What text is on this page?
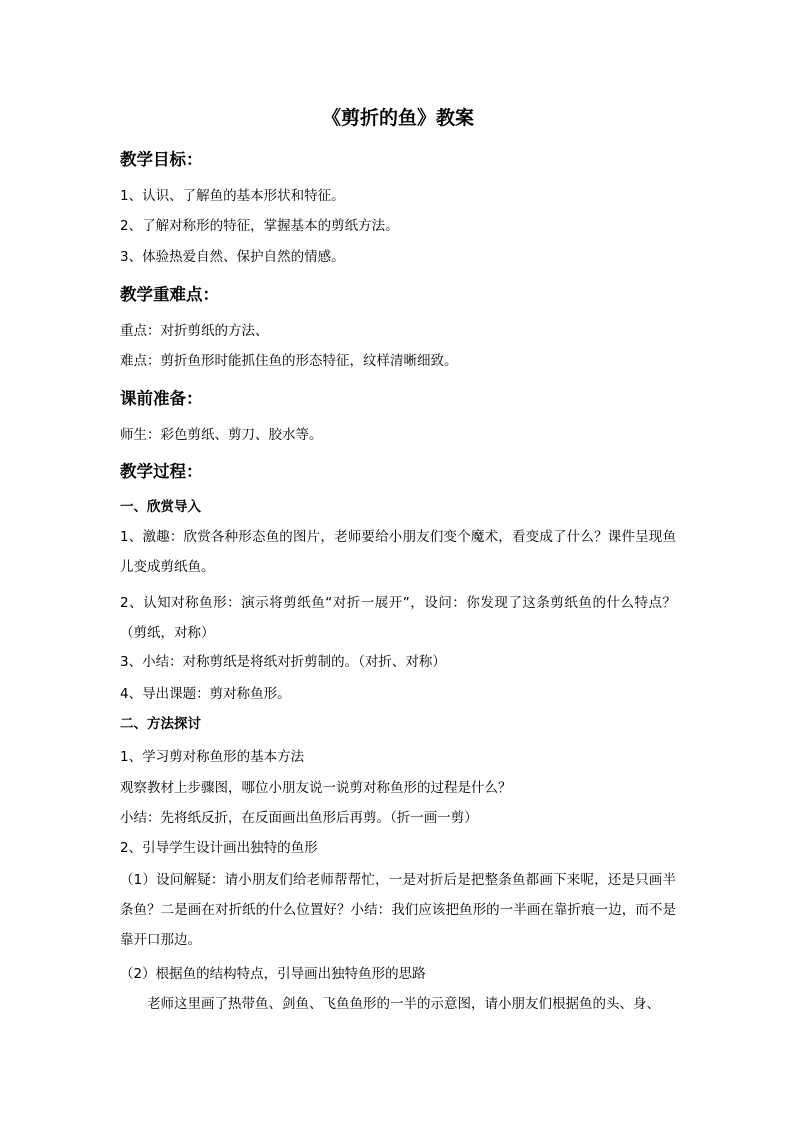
《剪折的鱼》教案
教学目标：
1、认识、了解鱼的基本形状和特征。
2、了解对称形的特征，掌握基本的剪纸方法。
3、体验热爱自然、保护自然的情感。
教学重难点：
重点：对折剪纸的方法、
难点：剪折鱼形时能抓住鱼的形态特征，纹样清晰细致。
课前准备：
师生：彩色剪纸、剪刀、胶水等。
教学过程：
一、欣赏导入
1、激趣：欣赏各种形态鱼的图片，老师要给小朋友们变个魔术，看变成了什么？课件呈现鱼儿变成剪纸鱼。
2、认知对称鱼形：演示将剪纸鱼“对折一展开”，设问：你发现了这条剪纸鱼的什么特点？（剪纸，对称）
3、小结：对称剪纸是将纸对折剪制的。（对折、对称）
4、导出课题：剪对称鱼形。
二、方法探讨
1、学习剪对称鱼形的基本方法
观察教材上步骤图，哪位小朋友说一说剪对称鱼形的过程是什么？
小结：先将纸反折，在反面画出鱼形后再剪。（折一画一剪）
2、引导学生设计画出独特的鱼形
（1）设问解疑：请小朋友们给老师帮帮忙，一是对折后是把整条鱼都画下来呢，还是只画半条鱼？二是画在对折纸的什么位置好？小结：我们应该把鱼形的一半画在靠折痕一边，而不是靠开口那边。
（2）根据鱼的结构特点，引导画出独特鱼形的思路
老师这里画了热带鱼、剑鱼、飞鱼鱼形的一半的示意图，请小朋友们根据鱼的头、身、
